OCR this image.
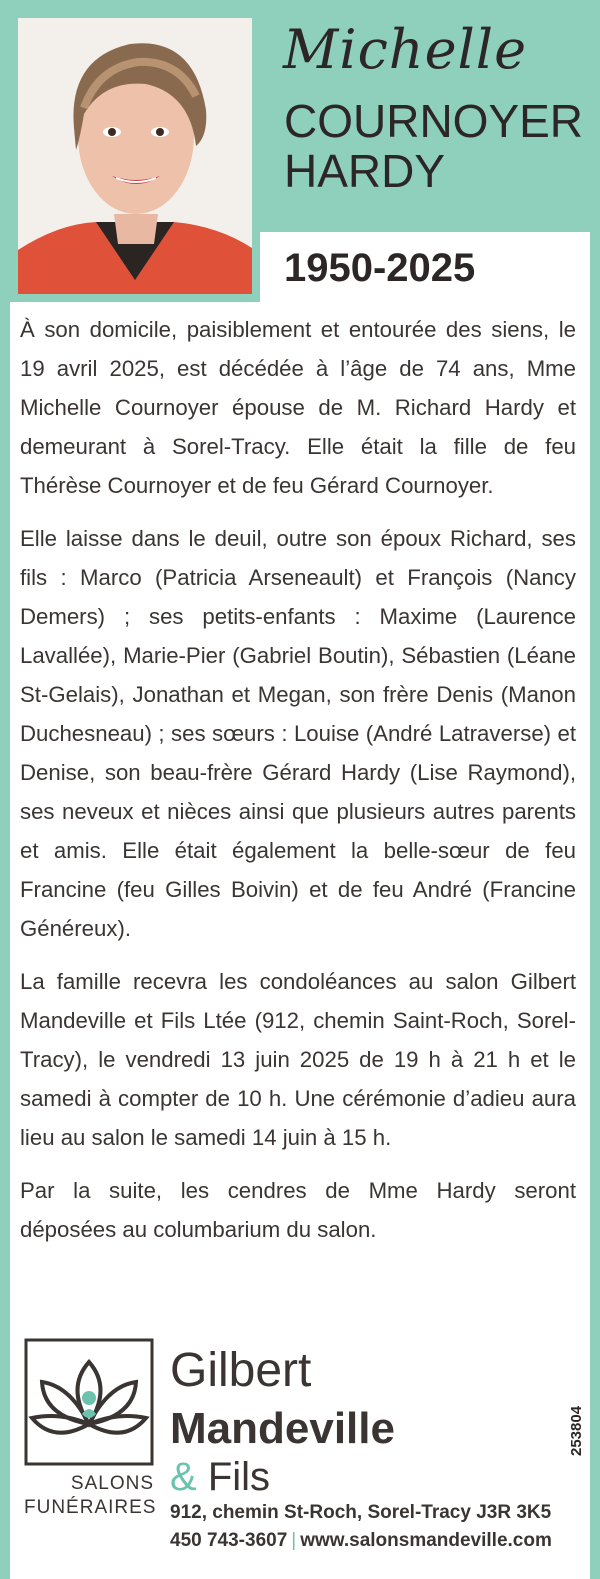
Michelle
COURNOYER
HARDY
1950-2025

À son domicile, paisiblement et entourée des siens, le 19 avril 2025, est décédée à l’âge de 74 ans, Mme Michelle Cournoyer épouse de M. Richard Hardy et demeurant à Sorel-Tracy. Elle était la fille de feu Thérèse Cournoyer et de feu Gérard Cournoyer.

Elle laisse dans le deuil, outre son époux Richard, ses fils : Marco (Patricia Arseneault) et François (Nancy Demers) ; ses petits-enfants : Maxime (Laurence Lavallée), Marie-Pier (Gabriel Boutin), Sébastien (Léane St-Gelais), Jonathan et Megan, son frère Denis (Manon Duchesneau) ; ses sœurs : Louise (André Latraverse) et Denise, son beau-frère Gérard Hardy (Lise Raymond), ses neveux et nièces ainsi que plusieurs autres parents et amis. Elle était également la belle-sœur de feu Francine (feu Gilles Boivin) et de feu André (Francine Généreux).

La famille recevra les condoléances au salon Gilbert Mandeville et Fils Ltée (912, chemin Saint-Roch, Sorel-Tracy), le vendredi 13 juin 2025 de 19 h à 21 h et le samedi à compter de 10 h. Une cérémonie d’adieu aura lieu au salon le samedi 14 juin à 15 h.

Par la suite, les cendres de Mme Hardy seront déposées au columbarium du salon.

SALONS
FUNÉRAIRES
Gilbert
Mandeville
& Fils
912, chemin St-Roch, Sorel-Tracy J3R 3K5
450 743-3607 | www.salonsmandeville.com
253804
